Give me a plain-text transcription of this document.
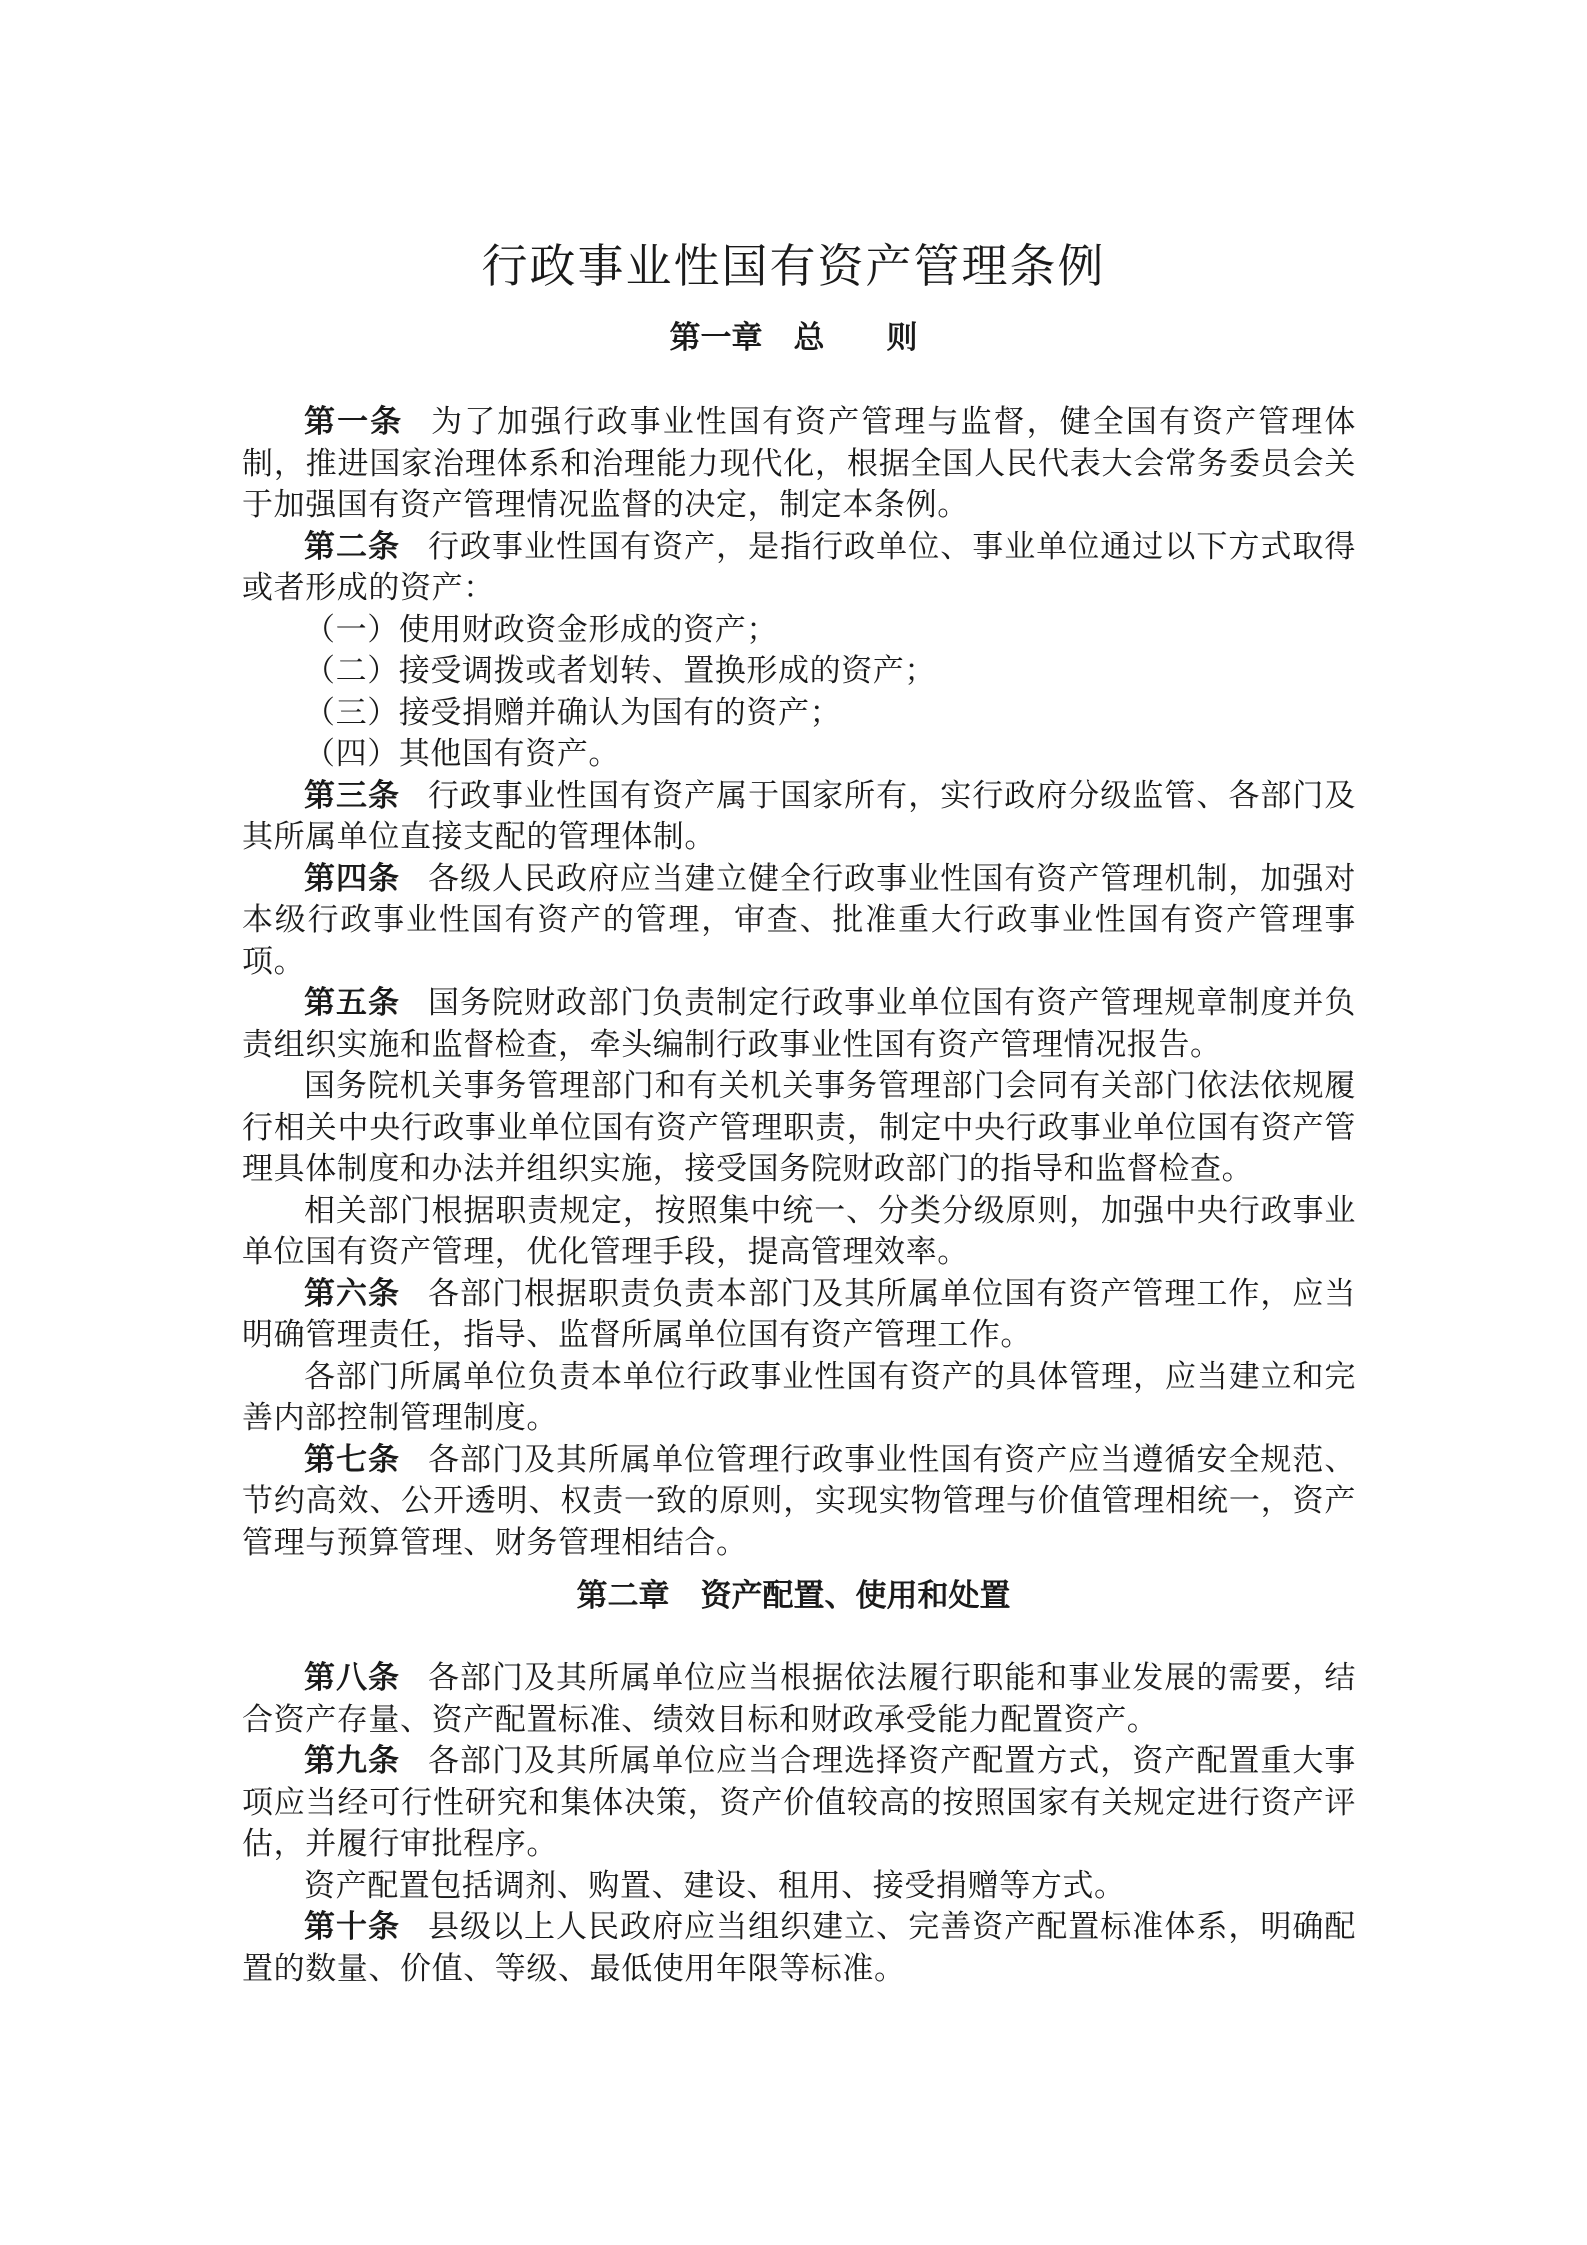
行政事业性国有资产管理条例
第一章　总　　则

第一条 为了加强行政事业性国有资产管理与监督，健全国有资产管理体制，推进国家治理体系和治理能力现代化，根据全国人民代表大会常务委员会关于加强国有资产管理情况监督的决定，制定本条例。

第二条 行政事业性国有资产，是指行政单位、事业单位通过以下方式取得或者形成的资产：

（一）使用财政资金形成的资产；

（二）接受调拨或者划转、置换形成的资产；

（三）接受捐赠并确认为国有的资产；

（四）其他国有资产。

第三条 行政事业性国有资产属于国家所有，实行政府分级监管、各部门及其所属单位直接支配的管理体制。

第四条 各级人民政府应当建立健全行政事业性国有资产管理机制，加强对本级行政事业性国有资产的管理，审查、批准重大行政事业性国有资产管理事项。

第五条 国务院财政部门负责制定行政事业单位国有资产管理规章制度并负责组织实施和监督检查，牵头编制行政事业性国有资产管理情况报告。

国务院机关事务管理部门和有关机关事务管理部门会同有关部门依法依规履行相关中央行政事业单位国有资产管理职责，制定中央行政事业单位国有资产管理具体制度和办法并组织实施，接受国务院财政部门的指导和监督检查。

相关部门根据职责规定，按照集中统一、分类分级原则，加强中央行政事业单位国有资产管理，优化管理手段，提高管理效率。

第六条 各部门根据职责负责本部门及其所属单位国有资产管理工作，应当明确管理责任，指导、监督所属单位国有资产管理工作。

各部门所属单位负责本单位行政事业性国有资产的具体管理，应当建立和完善内部控制管理制度。

第七条 各部门及其所属单位管理行政事业性国有资产应当遵循安全规范、节约高效、公开透明、权责一致的原则，实现实物管理与价值管理相统一，资产管理与预算管理、财务管理相结合。

第二章　资产配置、使用和处置

第八条 各部门及其所属单位应当根据依法履行职能和事业发展的需要，结合资产存量、资产配置标准、绩效目标和财政承受能力配置资产。

第九条 各部门及其所属单位应当合理选择资产配置方式，资产配置重大事项应当经可行性研究和集体决策，资产价值较高的按照国家有关规定进行资产评估，并履行审批程序。

资产配置包括调剂、购置、建设、租用、接受捐赠等方式。

第十条 县级以上人民政府应当组织建立、完善资产配置标准体系，明确配置的数量、价值、等级、最低使用年限等标准。
